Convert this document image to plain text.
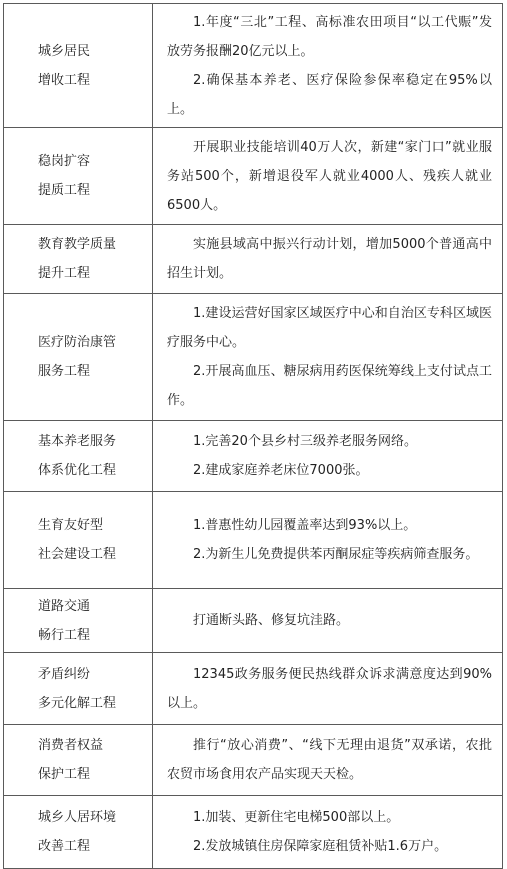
城乡居民
增收工程	1.年度“三北”工程、高标准农田项目“以工代赈”发放劳务报酬20亿元以上。
2.确保基本养老、医疗保险参保率稳定在95%以上。

稳岗扩容
提质工程	开展职业技能培训40万人次，新建“家门口”就业服务站500个，新增退役军人就业4000人、残疾人就业6500人。

教育教学质量
提升工程	实施县域高中振兴行动计划，增加5000个普通高中招生计划。

医疗防治康管
服务工程	1.建设运营好国家区域医疗中心和自治区专科区域医疗服务中心。
2.开展高血压、糖尿病用药医保统筹线上支付试点工作。

基本养老服务
体系优化工程	1.完善20个县乡村三级养老服务网络。
2.建成家庭养老床位7000张。

生育友好型
社会建设工程	1.普惠性幼儿园覆盖率达到93%以上。
2.为新生儿免费提供苯丙酮尿症等疾病筛查服务。

道路交通
畅行工程	打通断头路、修复坑洼路。

矛盾纠纷
多元化解工程	12345政务服务便民热线群众诉求满意度达到90%以上。

消费者权益
保护工程	推行“放心消费”、“线下无理由退货”双承诺，农批农贸市场食用农产品实现天天检。

城乡人居环境
改善工程	1.加装、更新住宅电梯500部以上。
2.发放城镇住房保障家庭租赁补贴1.6万户。
